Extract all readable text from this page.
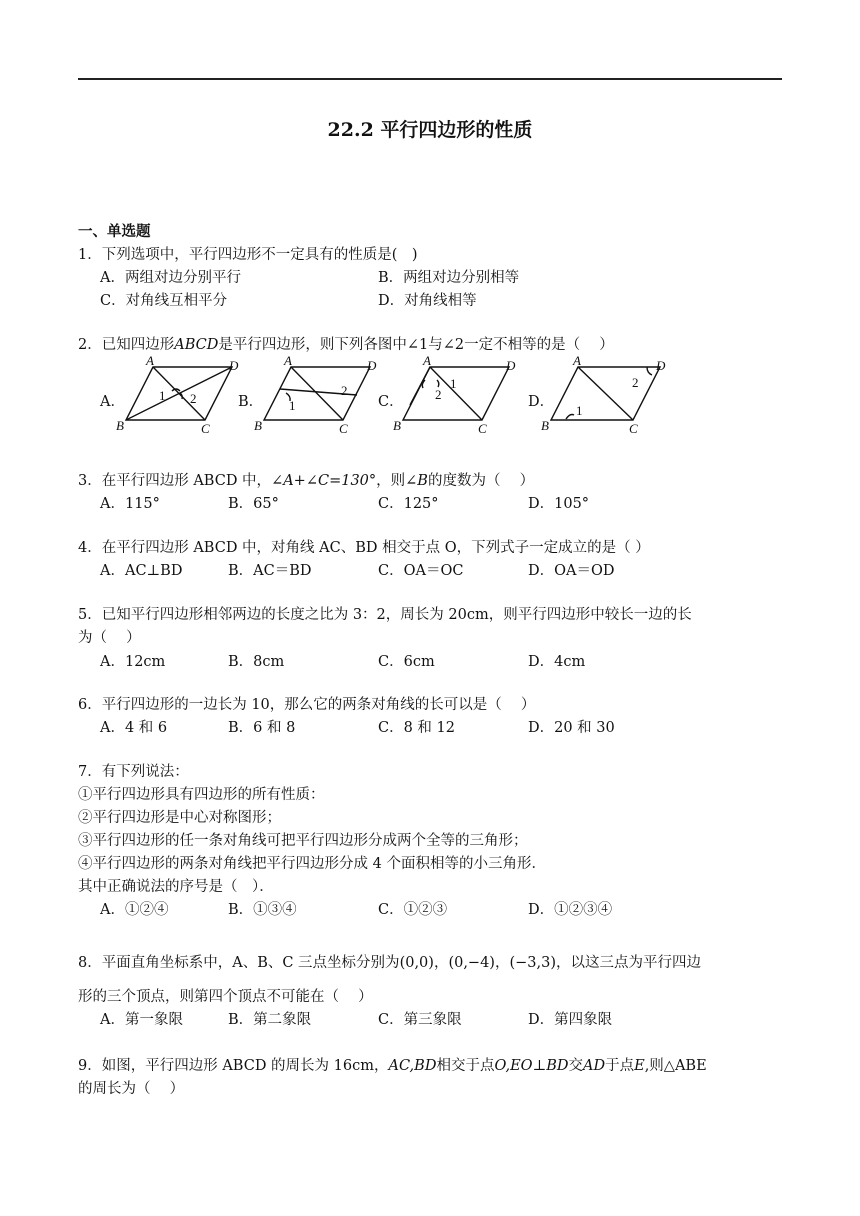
22.2 平行四边形的性质
一、单选题
1．下列选项中，平行四边形不一定具有的性质是(　)
A．两组对边分别平行	B．两组对边分别相等
C．对角线互相平分	D．对角线相等
2．已知四边形ABCD是平行四边形，则下列各图中∠1与∠2一定不相等的是（　 ）
A．	B．	C．	D．
A	D
B	C
A	D
B	C
A	D
B	C
A	D
B	C
1 2	1
2	1
2
1
2
3．在平行四边形 ABCD 中，∠A+∠C=130°，则∠B的度数为（　 ）
A．115°	B．65°	C．125°	D．105°
4．在平行四边形 ABCD 中，对角线 AC、BD 相交于点 O，下列式子一定成立的是（ ）
A．AC⊥BD	B．AC＝BD	C．OA＝OC	D．OA＝OD
5．已知平行四边形相邻两边的长度之比为 3：2，周长为 20cm，则平行四边形中较长一边的长
为（　 ）
A．12cm	B．8cm	C．6cm	D．4cm
6．平行四边形的一边长为 10，那么它的两条对角线的长可以是（　 ）
A．4 和 6	B．6 和 8	C．8 和 12	D．20 和 30
7．有下列说法：
①平行四边形具有四边形的所有性质：
②平行四边形是中心对称图形；
③平行四边形的任一条对角线可把平行四边形分成两个全等的三角形；
④平行四边形的两条对角线把平行四边形分成 4 个面积相等的小三角形．
其中正确说法的序号是（　）．
A．①②④	B．①③④	C．①②③	D．①②③④
8．平面直角坐标系中，A、B、C 三点坐标分别为(0,0)，(0,−4)，(−3,3)，以这三点为平行四边
形的三个顶点，则第四个顶点不可能在（　 ）
A．第一象限	B．第二象限	C．第三象限	D．第四象限
9．如图，平行四边形 ABCD 的周长为 16cm，AC,BD相交于点O,EO⊥BD交AD于点E,则△ABE
的周长为（　 ）
